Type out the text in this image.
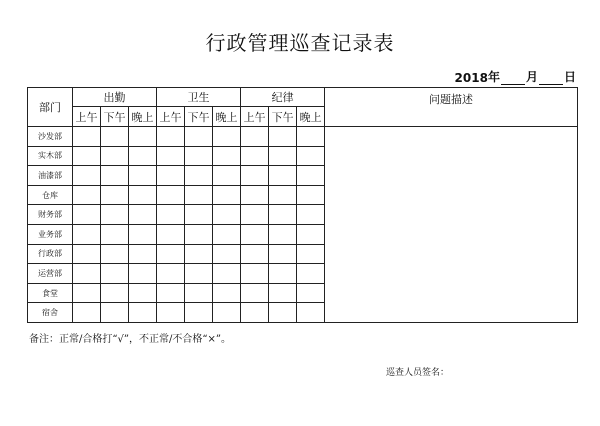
行政管理巡查记录表
2018 年 月 日
部门	出勤			卫生			纪律			问题描述
	上午	下午	晚上	上午	下午	晚上	上午	下午	晚上	
沙发部										
实木部										
油漆部										
仓库										
财务部										
业务部										
行政部										
运营部										
食堂										
宿舍										
备注：正常/合格打“√”，不正常/不合格“×”。
巡查人员签名：
